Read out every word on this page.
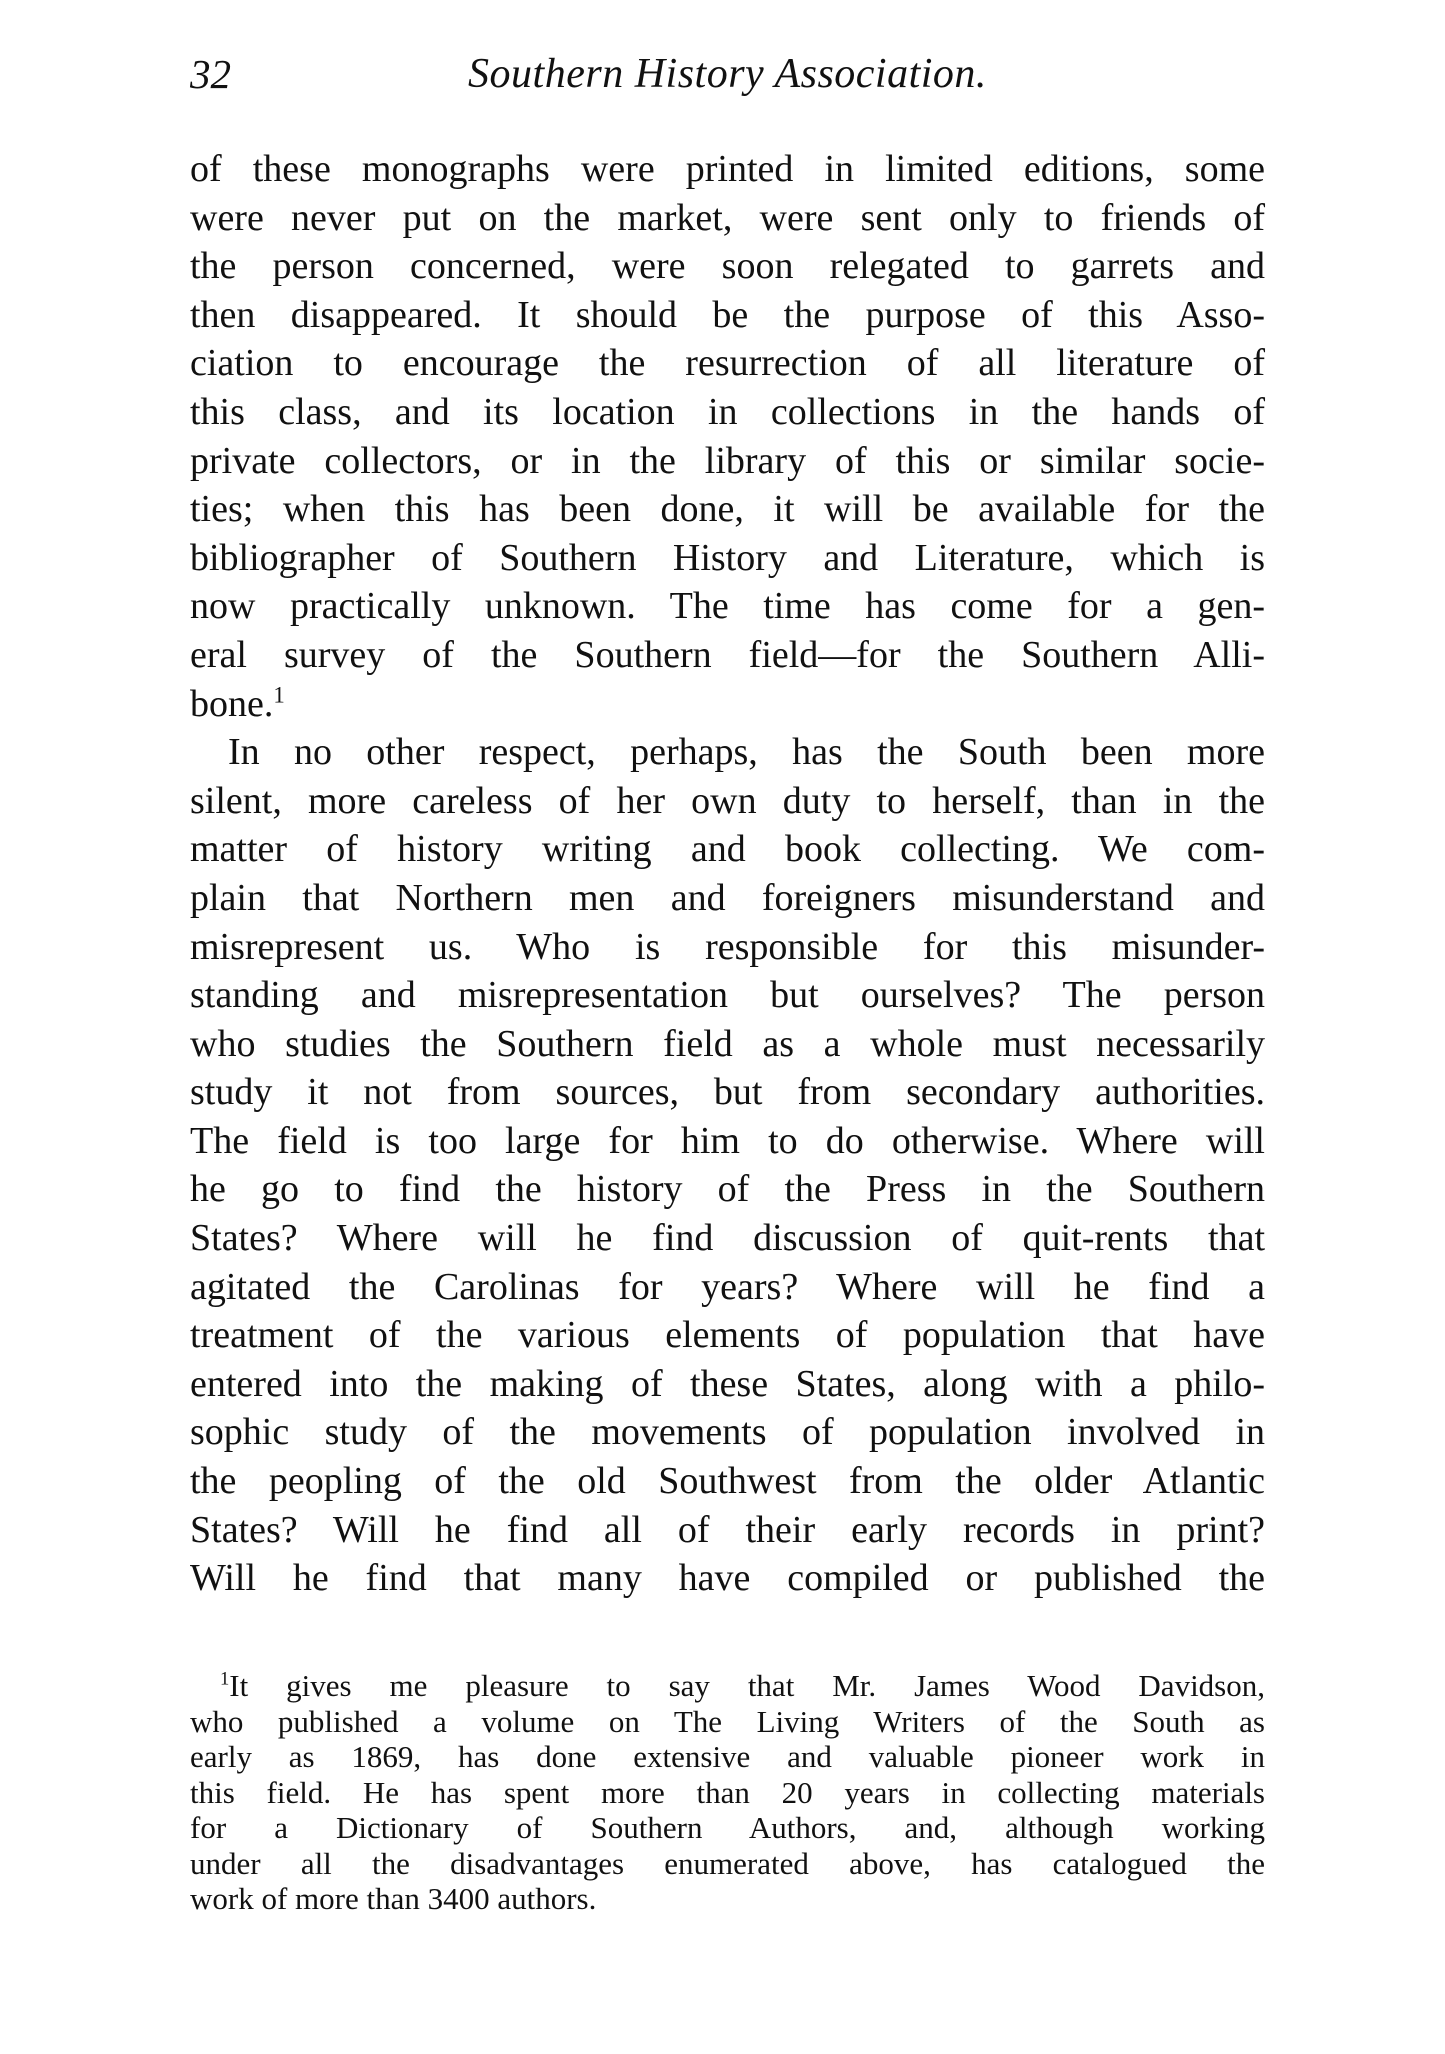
32	Southern History Association.
of these monographs were printed in limited editions, some
were never put on the market, were sent only to friends of
the person concerned, were soon relegated to garrets and
then disappeared. It should be the purpose of this Asso-
ciation to encourage the resurrection of all literature of
this class, and its location in collections in the hands of
private collectors, or in the library of this or similar socie-
ties; when this has been done, it will be available for the
bibliographer of Southern History and Literature, which is
now practically unknown. The time has come for a gen-
eral survey of the Southern field—for the Southern Alli-
bone.$^1$
In no other respect, perhaps, has the South been more
silent, more careless of her own duty to herself, than in the
matter of history writing and book collecting. We com-
plain that Northern men and foreigners misunderstand and
misrepresent us. Who is responsible for this misunder-
standing and misrepresentation but ourselves? The person
who studies the Southern field as a whole must necessarily
study it not from sources, but from secondary authorities.
The field is too large for him to do otherwise. Where will
he go to find the history of the Press in the Southern
States? Where will he find discussion of quit-rents that
agitated the Carolinas for years? Where will he find a
treatment of the various elements of population that have
entered into the making of these States, along with a philo-
sophic study of the movements of population involved in
the peopling of the old Southwest from the older Atlantic
States? Will he find all of their early records in print?
Will he find that many have compiled or published the
$^1$It gives me pleasure to say that Mr. James Wood Davidson,
who published a volume on The Living Writers of the South as
early as 1869, has done extensive and valuable pioneer work in
this field. He has spent more than 20 years in collecting materials
for a Dictionary of Southern Authors, and, although working
under all the disadvantages enumerated above, has catalogued the
work of more than 3400 authors.
